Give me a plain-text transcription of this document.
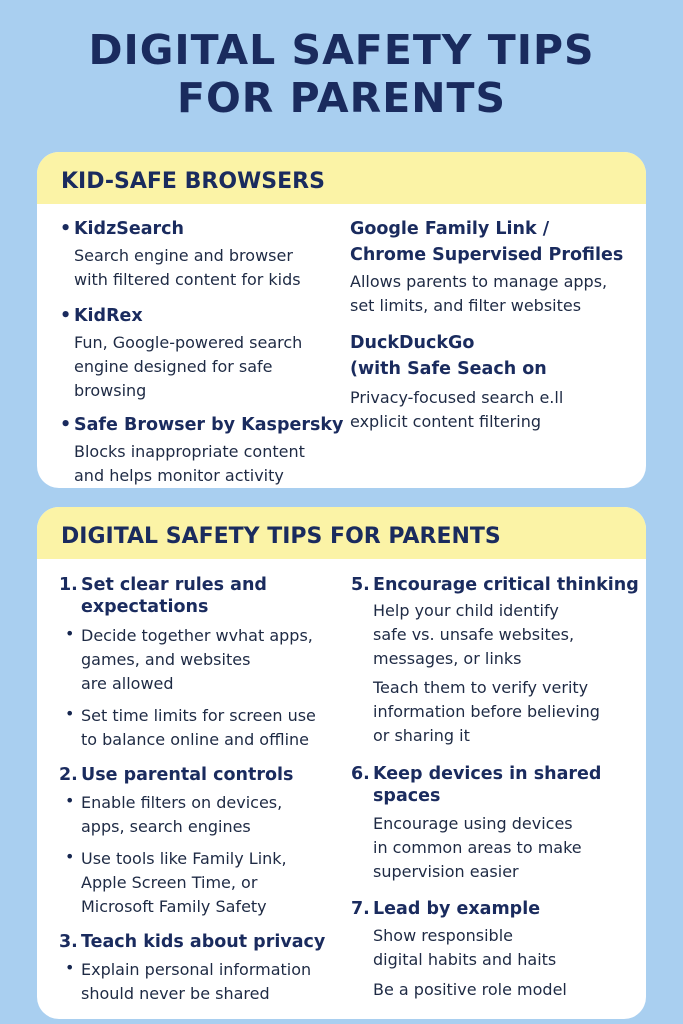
DIGITAL SAFETY TIPS
FOR PARENTS
KID-SAFE BROWSERS
• KidzSearch
Search engine and browser
with filtered content for kids
• KidRex
Fun, Google-powered search
engine designed for safe
browsing
• Safe Browser by Kaspersky
Blocks inappropriate content
and helps monitor activity
Google Family Link /
Chrome Supervised Profiles
Allows parents to manage apps,
set limits, and filter websites
DuckDuckGo
(with Safe Seach on
Privacy-focused search e.ll
explicit content filtering
DIGITAL SAFETY TIPS FOR PARENTS
1. Set clear rules and
expectations
• Decide together wvhat apps,
games, and websites
are allowed
• Set time limits for screen use
to balance online and offline
2. Use parental controls
• Enable filters on devices,
apps, search engines
• Use tools like Family Link,
Apple Screen Time, or
Microsoft Family Safety
3. Teach kids about privacy
• Explain personal information
should never be shared
5. Encourage critical thinking
Help your child identify
safe vs. unsafe websites,
messages, or links
Teach them to verify verity
information before believing
or sharing it
6. Keep devices in shared
spaces
Encourage using devices
in common areas to make
supervision easier
7. Lead by example
Show responsible
digital habits and haits
Be a positive role model
